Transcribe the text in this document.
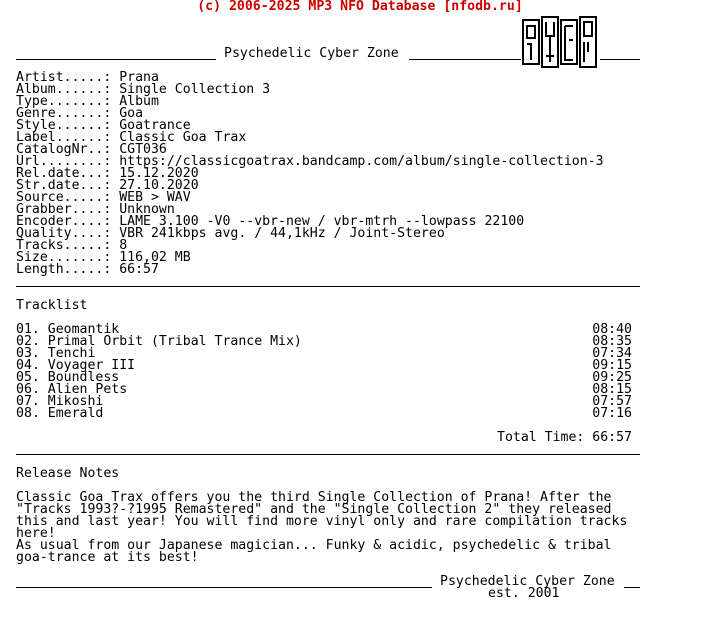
(c) 2006-2025 MP3 NFO Database [nfodb.ru]
Psychedelic Cyber Zone
Artist.....: Prana
Album......: Single Collection 3
Type.......: Album
Genre......: Goa
Style......: Goatrance
Label......: Classic Goa Trax
CatalogNr..: CGT036
Url........: https://classicgoatrax.bandcamp.com/album/single-collection-3
Rel.date...: 15.12.2020
Str.date...: 27.10.2020
Source.....: WEB > WAV
Grabber....: Unknown
Encoder....: LAME 3.100 -V0 --vbr-new / vbr-mtrh --lowpass 22100
Quality....: VBR 241kbps avg. / 44,1kHz / Joint-Stereo
Tracks.....: 8
Size.......: 116,02 MB
Length.....: 66:57
Tracklist

01. Geomantik	08:40
02. Primal Orbit (Tribal Trance Mix)	08:35
03. Tenchi	07:34
04. Voyager III	09:15
05. Boundless	09:25
06. Alien Pets	08:15
07. Mikoshi	07:57
08. Emerald	07:16

Total Time: 66:57
Release Notes

Classic Goa Trax offers you the third Single Collection of Prana! After the
"Tracks 1993?-?1995 Remastered" and the "Single Collection 2" they released
this and last year! You will find more vinyl only and rare compilation tracks
here!
As usual from our Japanese magician... Funky & acidic, psychedelic & tribal
goa-trance at its best!
Psychedelic Cyber Zone
est. 2001
